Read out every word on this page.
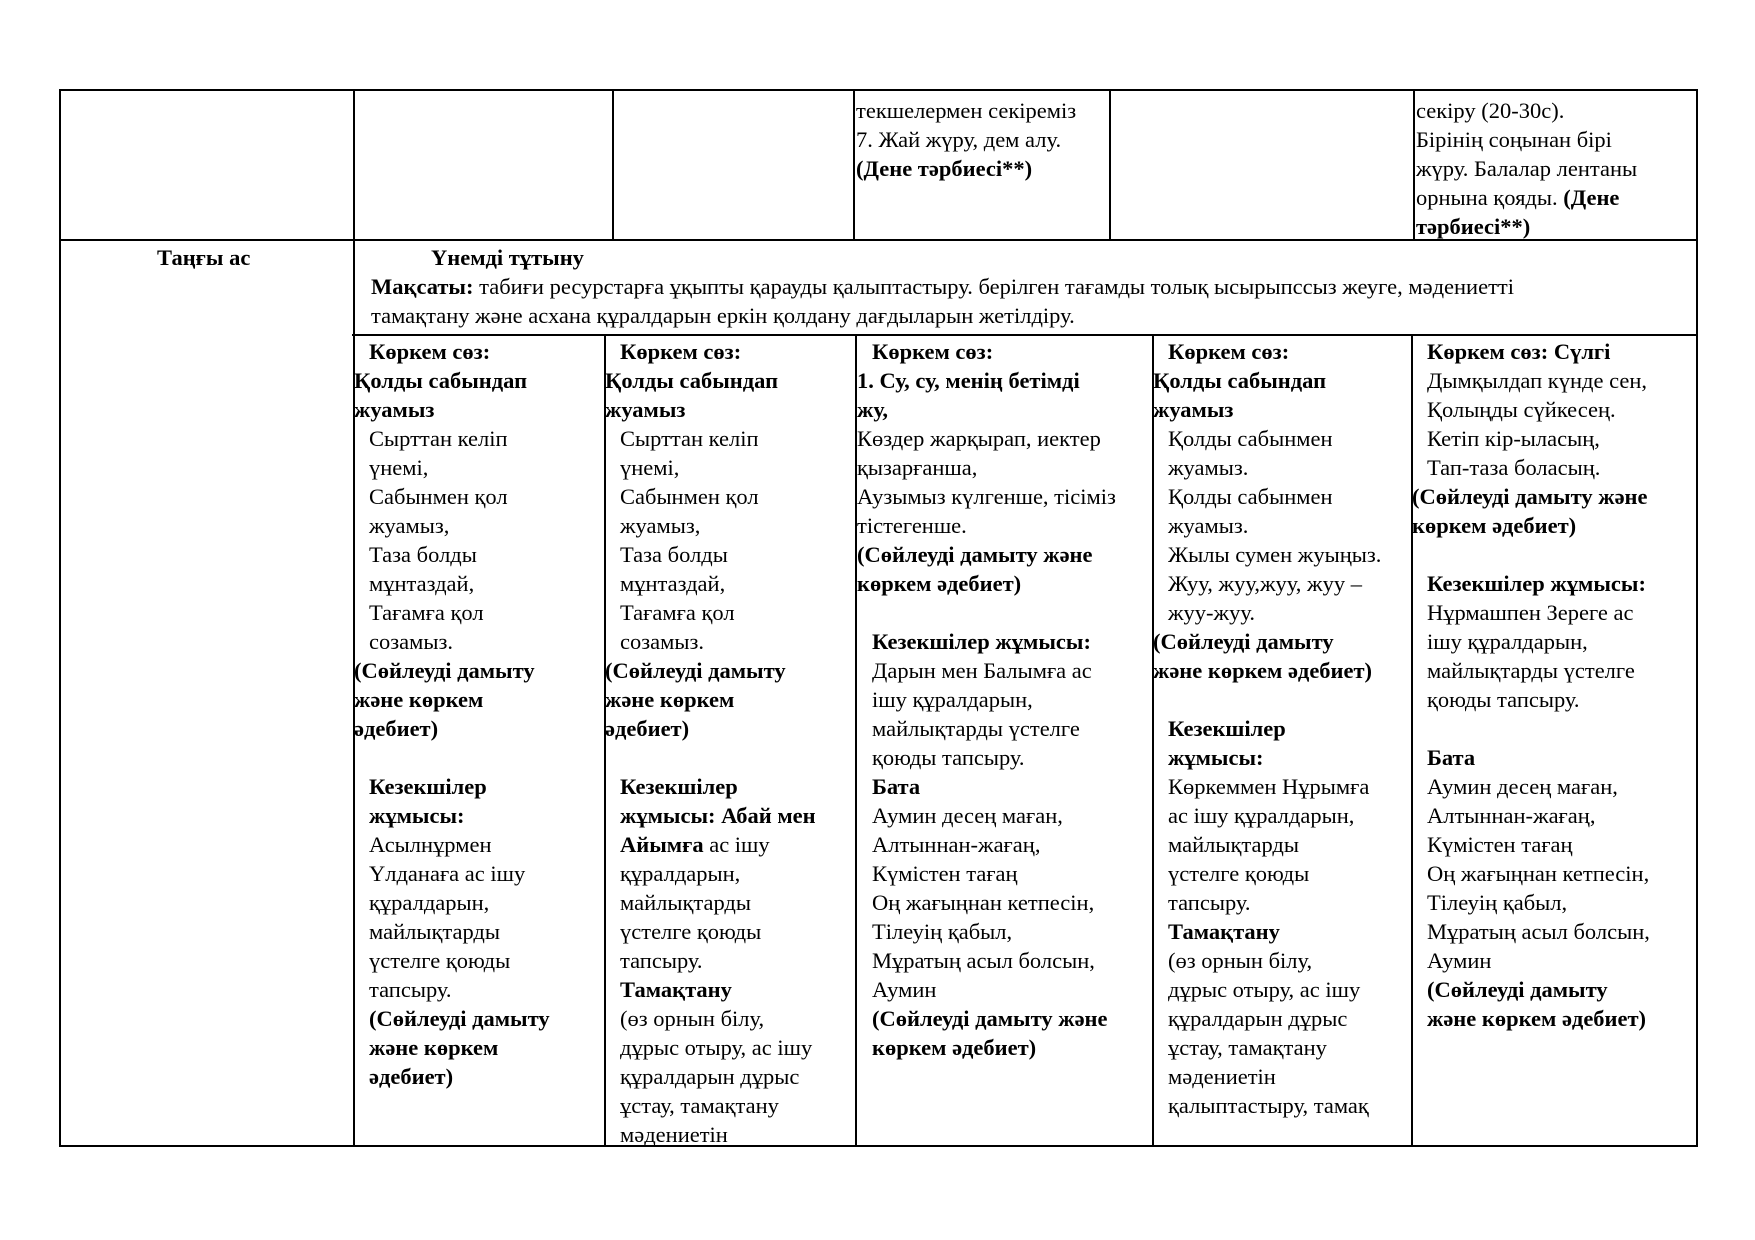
текшелермен секіреміз

7. Жай жүру, дем алу.

(Дене тәрбиесі**)

секіру (20-30с).

Бірінің соңынан бірі

жүру. Балалар лентаны

орнына қояды. (Дене

тәрбиесі**)

Таңғы ас	Үнемді тұтыну

Мақсаты: табиғи ресурстарға ұқыпты қарауды қалыптастыру. берілген тағамды толық ысырыпссыз жеуге, мәдениетті

тамақтану және асхана құралдарын еркін қолдану дағдыларын жетілдіру.

Көркем сөз:

Қолды сабындап

жуамыз

Сырттан келіп

үнемі,

Сабынмен қол

жуамыз,

Таза болды

мұнтаздай,

Тағамға қол

созамыз.

(Сөйлеуді дамыту

және көркем

әдебиет)

Кезекшілер

жұмысы:

Асылнұрмен

Үлданаға ас ішу

құралдарын,

майлықтарды

үстелге қоюды

тапсыру.

(Сөйлеуді дамыту

және көркем

әдебиет)

Көркем сөз:

Қолды сабындап

жуамыз

Сырттан келіп

үнемі,

Сабынмен қол

жуамыз,

Таза болды

мұнтаздай,

Тағамға қол

созамыз.

(Сөйлеуді дамыту

және көркем

әдебиет)

Кезекшілер

жұмысы: Абай мен

Айымға ас ішу

құралдарын,

майлықтарды

үстелге қоюды

тапсыру.

Тамақтану

(өз орнын білу,

дұрыс отыру, ас ішу

құралдарын дұрыс

ұстау, тамақтану

мәдениетін

Көркем сөз:

1. Су, су, менің бетімді

жу,

Көздер жарқырап, иектер

қызарғанша,

Аузымыз күлгенше, тісіміз

тістегенше.

(Сөйлеуді дамыту және

көркем әдебиет)

Кезекшілер жұмысы:

Дарын мен Балымға ас

ішу құралдарын,

майлықтарды үстелге

қоюды тапсыру.

Бата

Аумин десең маған,

Алтыннан-жағаң,

Күмістен тағаң

Оң жағыңнан кетпесін,

Тілеуің қабыл,

Мұратың асыл болсын,

Аумин

(Сөйлеуді дамыту және

көркем әдебиет)

Көркем сөз:

Қолды сабындап

жуамыз

Қолды сабынмен

жуамыз.

Қолды сабынмен

жуамыз.

Жылы сумен жуыңыз.

Жуу, жуу,жуу, жуу –

жуу-жуу.

(Сөйлеуді дамыту

және көркем әдебиет)

Кезекшілер

жұмысы:

Көркеммен Нұрымға

ас ішу құралдарын,

майлықтарды

үстелге қоюды

тапсыру.

Тамақтану

(өз орнын білу,

дұрыс отыру, ас ішу

құралдарын дұрыс

ұстау, тамақтану

мәдениетін

қалыптастыру, тамақ

Көркем сөз: Сүлгі

Дымқылдап күнде сен,

Қолыңды сүйкесең.

Кетіп кір-ыласың,

Тап-таза боласың.

(Сөйлеуді дамыту және

көркем әдебиет)

Кезекшілер жұмысы:

Нұрмашпен Зереге ас

ішу құралдарын,

майлықтарды үстелге

қоюды тапсыру.

Бата

Аумин десең маған,

Алтыннан-жағаң,

Күмістен тағаң

Оң жағыңнан кетпесін,

Тілеуің қабыл,

Мұратың асыл болсын,

Аумин

(Сөйлеуді дамыту

және көркем әдебиет)
